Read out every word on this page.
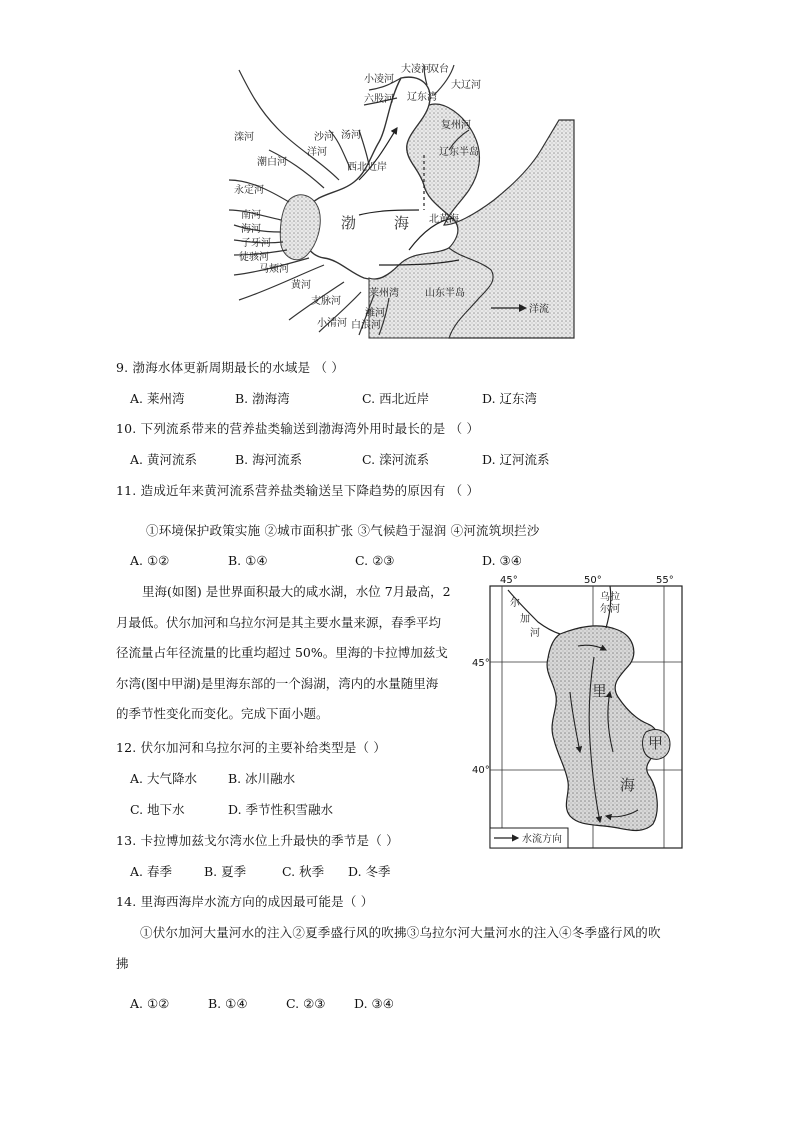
大凌河
双台
大辽河
小凌河
六股河 辽东湾
复州河
滦河	沙河
洋河
汤河
西北近岸
辽东半岛
潮白河
永定河
渤	海 北黄海
南河
海河
子牙河
徒骇河
马颊河
黄河
莱州湾	山东半岛
支脉河
小清河 白浪河
潍河	洋流
9. 渤海水体更新周期最长的水域是 （ ）
A. 莱州湾	B. 渤海湾	C. 西北近岸	D. 辽东湾
10. 下列流系带来的营养盐类输送到渤海湾外用时最长的是 （ ）
A. 黄河流系	B. 海河流系	C. 滦河流系	D. 辽河流系
11. 造成近年来黄河流系营养盐类输送呈下降趋势的原因有 （ ）
①环境保护政策实施 ②城市面积扩张 ③气候趋于湿润 ④河流筑坝拦沙
A. ①②	B. ①④	C. ②③	D. ③④
里海(如图) 是世界面积最大的咸水湖，水位 7月最高，2
月最低。伏尔加河和乌拉尔河是其主要水量来源，春季平均
径流量占年径流量的比重均超过 50%。里海的卡拉博加兹戈
尔湾(图中甲湖)是里海东部的一个潟湖，湾内的水量随里海
的季节性变化而变化。完成下面小题。
45°	50°	55°
45°
40°
尔
加
河
乌拉
尔河
里
海
甲
水流方向
12. 伏尔加河和乌拉尔河的主要补给类型是（ ）
A. 大气降水 B. 冰川融水
C. 地下水	D. 季节性积雪融水
13. 卡拉博加兹戈尔湾水位上升最快的季节是（ ）
A. 春季	B. 夏季	C. 秋季 D. 冬季
14. 里海西海岸水流方向的成因最可能是（ ）
①伏尔加河大量河水的注入②夏季盛行风的吹拂③乌拉尔河大量河水的注入④冬季盛行风的吹
拂
A. ①②	B. ①④	C. ②③ D. ③④
